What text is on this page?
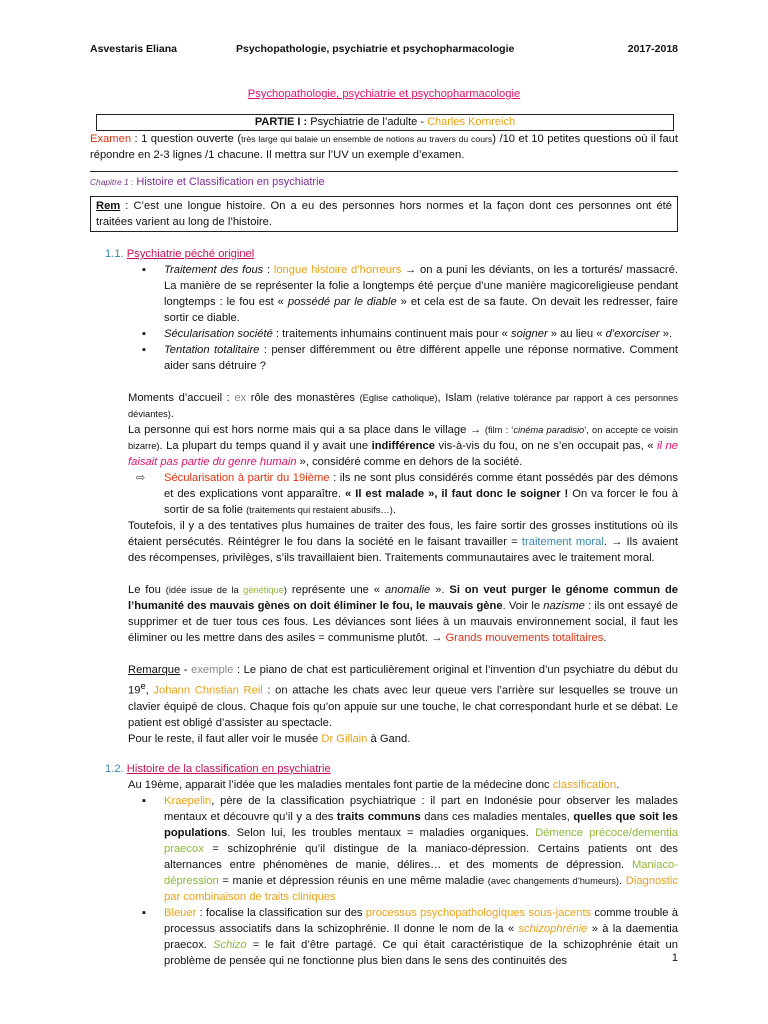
Asvestaris Eliana	Psychopathologie, psychiatrie et psychopharmacologie	2017-2018

Psychopathologie, psychiatrie et psychopharmacologie

PARTIE I : Psychiatrie de l’adulte - Charles Kornreich

Examen : 1 question ouverte (très large qui balaie un ensemble de notions au travers du cours) /10 et 10 petites questions où il faut répondre en 2-3 lignes /1 chacune. Il mettra sur l’UV un exemple d’examen.

Chapitre 1 : Histoire et Classification en psychiatrie

Rem : C’est une longue histoire. On a eu des personnes hors normes et la façon dont ces personnes ont été traitées varient au long de l’histoire.

1.1. Psychiatrie péché originel

▪ Traitement des fous : longue histoire d’horreurs → on a puni les déviants, on les a torturés/ massacré. La manière de se représenter la folie a longtemps été perçue d’une manière magicoreligieuse pendant longtemps : le fou est « possédé par le diable » et cela est de sa faute. On devait les redresser, faire sortir ce diable.
▪ Sécularisation société : traitements inhumains continuent mais pour « soigner » au lieu « d’exorciser ».
▪ Tentation totalitaire : penser différemment ou être différent appelle une réponse normative. Comment aider sans détruire ?

Moments d’accueil : ex rôle des monastères (Eglise catholique), Islam (relative tolérance par rapport à ces personnes déviantes).

La personne qui est hors norme mais qui a sa place dans le village → (film : ‘cinéma paradisio’, on accepte ce voisin bizarre). La plupart du temps quand il y avait une indifférence vis-à-vis du fou, on ne s’en occupait pas, « il ne faisait pas partie du genre humain », considéré comme en dehors de la société.

⇨ Sécularisation à partir du 19ième : ils ne sont plus considérés comme étant possédés par des démons et des explications vont apparaître. « Il est malade », il faut donc le soigner ! On va forcer le fou à sortir de sa folie (traitements qui restaient abusifs…).

Toutefois, il y a des tentatives plus humaines de traiter des fous, les faire sortir des grosses institutions où ils étaient persécutés. Réintégrer le fou dans la société en le faisant travailler = traitement moral. → Ils avaient des récompenses, privilèges, s’ils travaillaient bien. Traitements communautaires avec le traitement moral.

Le fou (idée issue de la génétique) représente une « anomalie ». Si on veut purger le génome commun de l’humanité des mauvais gènes on doit éliminer le fou, le mauvais gène. Voir le nazisme : ils ont essayé de supprimer et de tuer tous ces fous. Les déviances sont liées à un mauvais environnement social, il faut les éliminer ou les mettre dans des asiles = communisme plutôt. → Grands mouvements totalitaires.

Remarque - exemple : Le piano de chat est particulièrement original et l’invention d’un psychiatre du début du 19e, Johann Christian Reil : on attache les chats avec leur queue vers l’arrière sur lesquelles se trouve un clavier équipé de clous. Chaque fois qu’on appuie sur une touche, le chat correspondant hurle et se débat. Le patient est obligé d’assister au spectacle.

Pour le reste, il faut aller voir le musée Dr Gillain à Gand.

1.2. Histoire de la classification en psychiatrie

Au 19ème, apparait l’idée que les maladies mentales font partie de la médecine donc classification.

▪ Kraepelin, père de la classification psychiatrique : il part en Indonésie pour observer les malades mentaux et découvre qu’il y a des traits communs dans ces maladies mentales, quelles que soit les populations. Selon lui, les troubles mentaux = maladies organiques. Démence précoce/dementia praecox = schizophrénie qu’il distingue de la maniaco-dépression. Certains patients ont des alternances entre phénomènes de manie, délires… et des moments de dépression. Maniaco-dépression = manie et dépression réunis en une même maladie (avec changements d’humeurs). Diagnostic par combinaison de traits cliniques
▪ Bleuer : focalise la classification sur des processus psychopathologiques sous-jacents comme trouble à processus associatifs dans la schizophrénie. Il donne le nom de la « schizophrénie » à la daementia praecox. Schizo = le fait d’être partagé. Ce qui était caractéristique de la schizophrénie était un problème de pensée qui ne fonctionne plus bien dans le sens des continuités des	1
